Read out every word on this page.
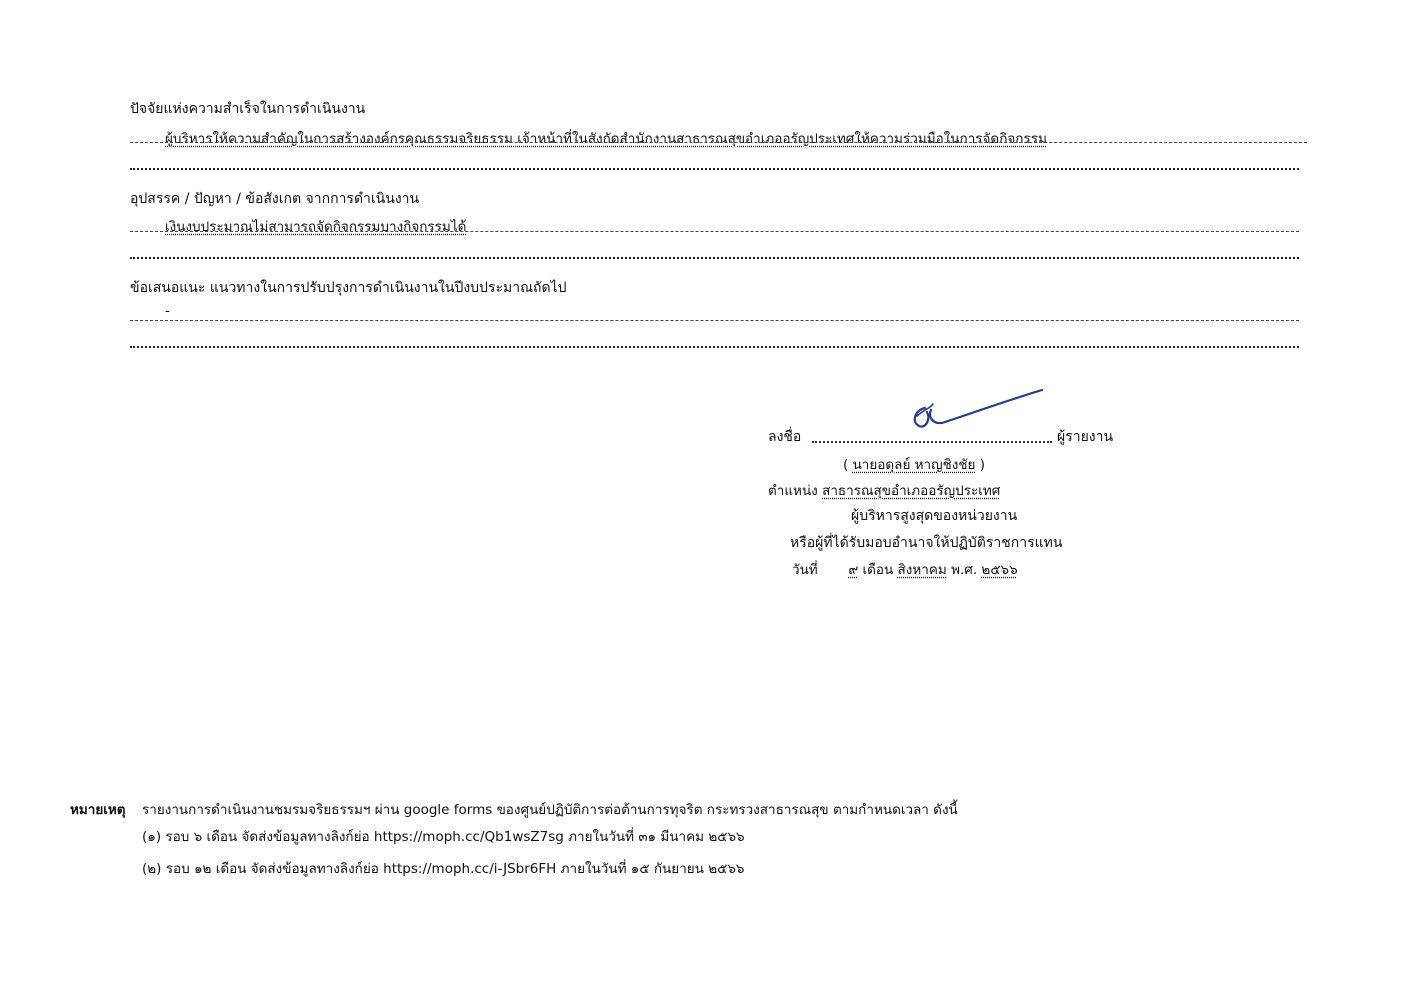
ปัจจัยแห่งความสำเร็จในการดำเนินงาน
ผู้บริหารให้ความสำคัญในการสร้างองค์กรคุณธรรมจริยธรรม เจ้าหน้าที่ในสังกัดสำนักงานสาธารณสุขอำเภออรัญประเทศให้ความร่วมมือในการจัดกิจกรรม
อุปสรรค / ปัญหา / ข้อสังเกต จากการดำเนินงาน
เงินงบประมาณไม่สามารถจัดกิจกรรมบางกิจกรรมได้
ข้อเสนอแนะ แนวทางในการปรับปรุงการดำเนินงานในปีงบประมาณถัดไป
-
ลงชื่อ	ผู้รายงาน
( นายอดุลย์ หาญชิงชัย )
ตำแหน่ง สาธารณสุขอำเภออรัญประเทศ
ผู้บริหารสูงสุดของหน่วยงาน
หรือผู้ที่ได้รับมอบอำนาจให้ปฏิบัติราชการแทน
วันที่ ๙ เดือน สิงหาคม พ.ศ. ๒๕๖๖
หมายเหตุ รายงานการดำเนินงานชมรมจริยธรรมฯ ผ่าน google forms ของศูนย์ปฏิบัติการต่อต้านการทุจริต กระทรวงสาธารณสุข ตามกำหนดเวลา ดังนี้
(๑) รอบ ๖ เดือน จัดส่งข้อมูลทางลิงก์ย่อ https://moph.cc/Qb1wsZ7sg ภายในวันที่ ๓๑ มีนาคม ๒๕๖๖
(๒) รอบ ๑๒ เดือน จัดส่งข้อมูลทางลิงก์ย่อ https://moph.cc/i-JSbr6FH ภายในวันที่ ๑๕ กันยายน ๒๕๖๖
